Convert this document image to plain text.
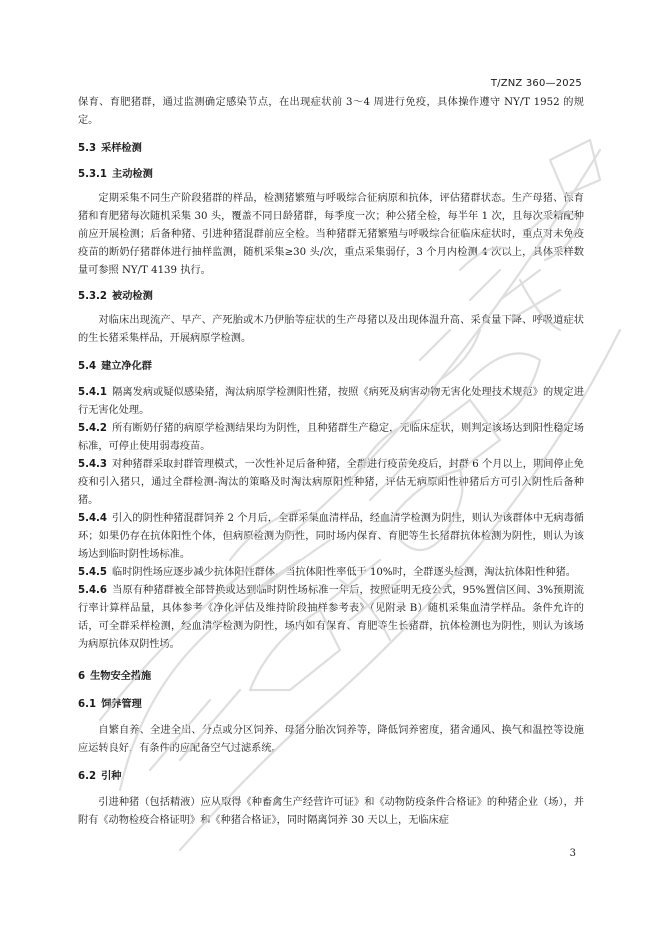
T/ZNZ 360—2025

保育、育肥猪群，通过监测确定感染节点，在出现症状前 3～4 周进行免疫，具体操作遵守 NY/T 1952 的规定。

5.3 采样检测
5.3.1 主动检测

定期采集不同生产阶段猪群的样品，检测猪繁殖与呼吸综合征病原和抗体，评估猪群状态。生产母猪、保育猪和育肥猪每次随机采集 30 头，覆盖不同日龄猪群，每季度一次；种公猪全检，每半年 1 次，且每次采精配种前应开展检测；后备种猪、引进种猪混群前应全检。当种猪群无猪繁殖与呼吸综合征临床症状时，重点对未免疫疫苗的断奶仔猪群体进行抽样监测，随机采集≥30 头/次，重点采集弱仔，3 个月内检测 4 次以上，具体采样数量可参照 NY/T 4139 执行。

5.3.2 被动检测

对临床出现流产、早产、产死胎或木乃伊胎等症状的生产母猪以及出现体温升高、采食量下降、呼吸道症状的生长猪采集样品，开展病原学检测。

5.4 建立净化群

5.4.1 隔离发病或疑似感染猪，淘汰病原学检测阳性猪，按照《病死及病害动物无害化处理技术规范》的规定进行无害化处理。

5.4.2 所有断奶仔猪的病原学检测结果均为阴性，且种猪群生产稳定，无临床症状，则判定该场达到阳性稳定场标准，可停止使用弱毒疫苗。

5.4.3 对种猪群采取封群管理模式，一次性补足后备种猪，全群进行疫苗免疫后，封群 6 个月以上，期间停止免疫和引入猪只，通过全群检测-淘汰的策略及时淘汰病原阳性种猪，评估无病原阳性种猪后方可引入阴性后备种猪。

5.4.4 引入的阴性种猪混群饲养 2 个月后，全群采集血清样品，经血清学检测为阴性，则认为该群体中无病毒循环；如果仍存在抗体阳性个体，但病原检测为阴性，同时场内保育、育肥等生长猪群抗体检测为阴性，则认为该场达到临时阴性场标准。

5.4.5 临时阴性场应逐步减少抗体阳性群体，当抗体阳性率低于 10%时，全群逐头检测，淘汰抗体阳性种猪。

5.4.6 当原有种猪群被全部替换或达到临时阴性场标准一年后，按照证明无疫公式，95%置信区间、3%预期流行率计算样品量，具体参考《净化评估及维持阶段抽样参考表》（见附录 B）随机采集血清学样品。条件允许的话，可全群采样检测，经血清学检测为阴性，场内如有保育、育肥等生长猪群，抗体检测也为阴性，则认为该场为病原抗体双阴性场。

6 生物安全措施
6.1 饲养管理

自繁自养、全进全出、分点或分区饲养、母猪分胎次饲养等，降低饲养密度，猪舍通风、换气和温控等设施应运转良好，有条件的应配备空气过滤系统。

6.2 引种

引进种猪（包括精液）应从取得《种畜禽生产经营许可证》和《动物防疫条件合格证》的种猪企业（场），并附有《动物检疫合格证明》和《种猪合格证》，同时隔离饲养 30 天以上，无临床症

3
